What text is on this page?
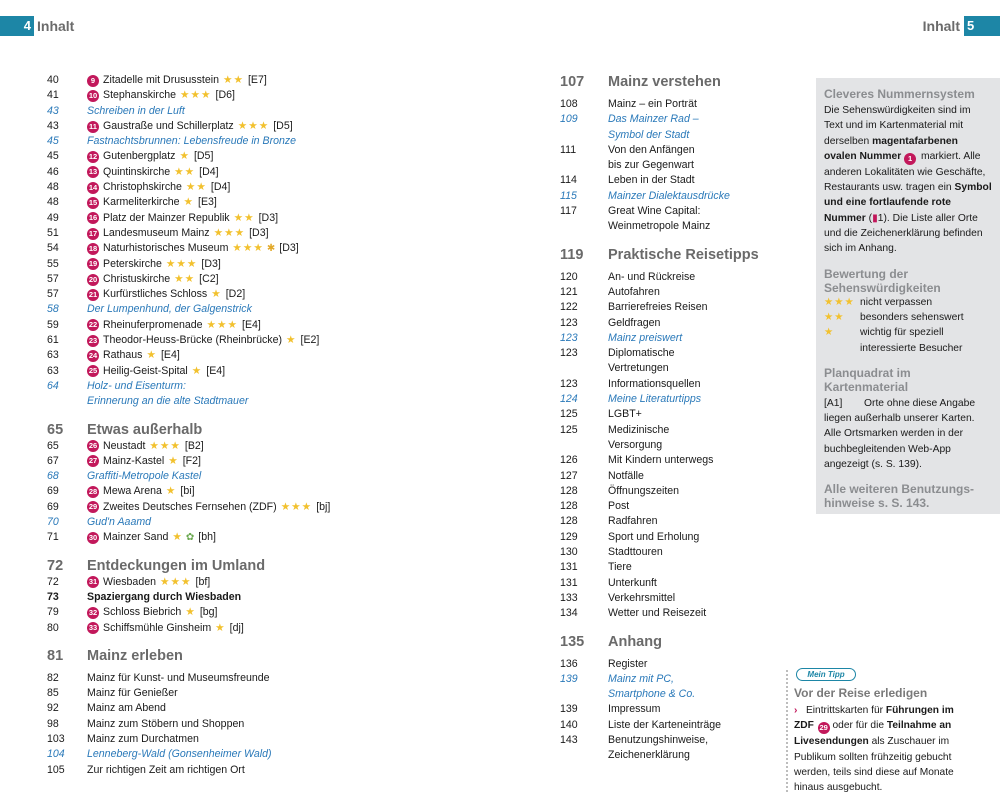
4 Inhalt	Inhalt 5
40	9 Zitadelle mit Drususstein ★★ [E7]
41	10 Stephanskirche ★★★ [D6]
43	Schreiben in der Luft
43	11 Gaustraße und Schillerplatz ★★★ [D5]
45	Fastnachtsbrunnen: Lebensfreude in Bronze
45	12 Gutenbergplatz ★ [D5]
46	13 Quintinskirche ★★ [D4]
48	14 Christophskirche ★★ [D4]
48	15 Karmeliterkirche ★ [E3]
49	16 Platz der Mainzer Republik ★★ [D3]
51	17 Landesmuseum Mainz ★★★ [D3]
54	18 Naturhistorisches Museum ★★★ ✱ [D3]
55	19 Peterskirche ★★★ [D3]
57	20 Christuskirche ★★ [C2]
57	21 Kurfürstliches Schloss ★ [D2]
58	Der Lumpenhund, der Galgenstrick
59	22 Rheinuferpromenade ★★★ [E4]
61	23 Theodor-Heuss-Brücke (Rheinbrücke) ★ [E2]
63	24 Rathaus ★ [E4]
63	25 Heilig-Geist-Spital ★ [E4]
64	Holz- und Eisenturm:
Erinnerung an die alte Stadtmauer
65	Etwas außerhalb
65	26 Neustadt ★★★ [B2]
67	27 Mainz-Kastel ★ [F2]
68	Graffiti-Metropole Kastel
69	28 Mewa Arena ★ [bi]
69	29 Zweites Deutsches Fernsehen (ZDF) ★★★ [bj]
70	Gud'n Aaamd
71	30 Mainzer Sand ★ ✿ [bh]
72	Entdeckungen im Umland
72	31 Wiesbaden ★★★ [bf]
73	Spaziergang durch Wiesbaden
79	32 Schloss Biebrich ★ [bg]
80	33 Schiffsmühle Ginsheim ★ [dj]
81	Mainz erleben
82	Mainz für Kunst- und Museumsfreunde
85	Mainz für Genießer
92	Mainz am Abend
98	Mainz zum Stöbern und Shoppen
103	Mainz zum Durchatmen
104	Lenneberg-Wald (Gonsenheimer Wald)
105	Zur richtigen Zeit am richtigen Ort
107	Mainz verstehen
108	Mainz – ein Porträt
109	Das Mainzer Rad –
Symbol der Stadt
111	Von den Anfängen
bis zur Gegenwart
114	Leben in der Stadt
115	Mainzer Dialektausdrücke
117	Great Wine Capital:
Weinmetropole Mainz
119	Praktische Reisetipps
120	An- und Rückreise
121	Autofahren
122	Barrierefreies Reisen
123	Geldfragen
123	Mainz preiswert
123	Diplomatische
Vertretungen
123	Informationsquellen
124	Meine Literaturtipps
125	LGBT+
125	Medizinische
Versorgung
126	Mit Kindern unterwegs
127	Notfälle
128	Öffnungszeiten
128	Post
128	Radfahren
129	Sport und Erholung
130	Stadttouren
131	Tiere
131	Unterkunft
133	Verkehrsmittel
134	Wetter und Reisezeit
135	Anhang
136	Register
139	Mainz mit PC,
Smartphone & Co.
139	Impressum
140	Liste der Karteneinträge
143	Benutzungshinweise,
Zeichenerklärung
Cleveres Nummernsystem
Die Sehenswürdigkeiten sind im Text und im Kartenmaterial mit derselben magentafarbenen ovalen Nummer 1 markiert. Alle anderen Lokalitäten wie Geschäfte, Restaurants usw. tragen ein Symbol und eine fortlaufende rote Nummer (▮1). Die Liste aller Orte und die Zeichenerklärung befinden sich im Anhang.
Bewertung der
Sehenswürdigkeiten
★★★ nicht verpassen
★★	besonders sehenswert
★	wichtig für speziell interessierte Besucher
Planquadrat im Kartenmaterial
[A1] Orte ohne diese Angabe liegen außerhalb unserer Karten. Alle Ortsmarken werden in der buchbegleitenden Web-App angezeigt (s. S. 139).
Alle weiteren Benutzungs-
hinweise s. S. 143.
Mein Tipp
Vor der Reise erledigen
› Eintrittskarten für Führungen im ZDF 29 oder für die Teilnahme an Livesendungen als Zuschauer im Publikum sollten frühzeitig gebucht werden, teils sind diese auf Monate hinaus ausgebucht.
